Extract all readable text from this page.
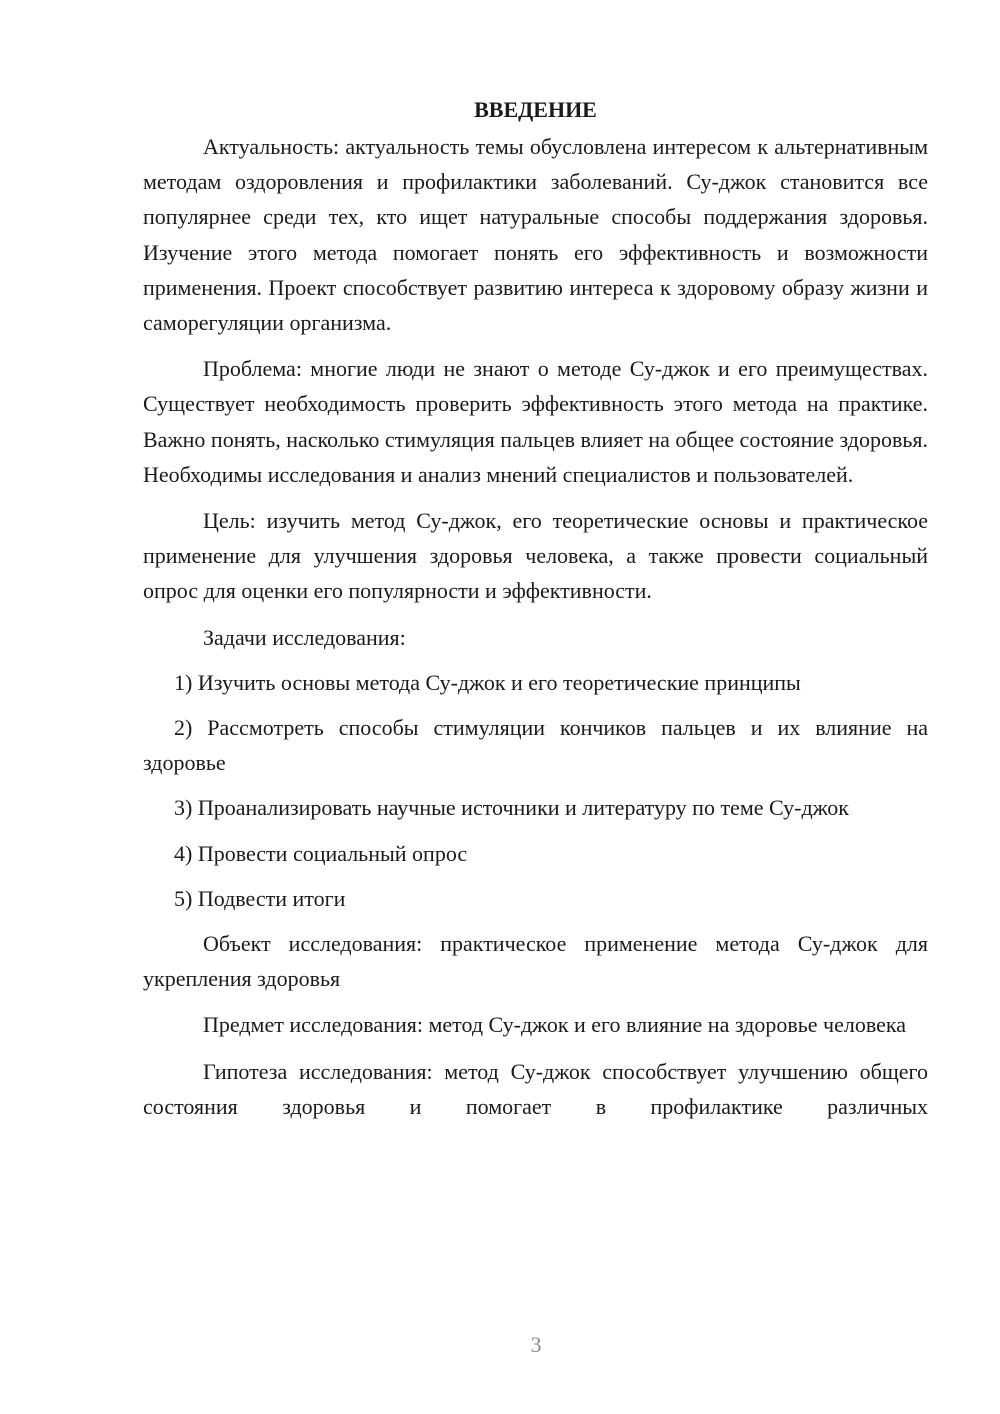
ВВЕДЕНИЕ

Актуальность: актуальность темы обусловлена интересом к альтернативным методам оздоровления и профилактики заболеваний. Су-джок становится все популярнее среди тех, кто ищет натуральные способы поддержания здоровья. Изучение этого метода помогает понять его эффективность и возможности применения. Проект способствует развитию интереса к здоровому образу жизни и саморегуляции организма.

Проблема: многие люди не знают о методе Су-джок и его преимуществах. Существует необходимость проверить эффективность этого метода на практике. Важно понять, насколько стимуляция пальцев влияет на общее состояние здоровья. Необходимы исследования и анализ мнений специалистов и пользователей.

Цель: изучить метод Су-джок, его теоретические основы и практическое применение для улучшения здоровья человека, а также провести социальный опрос для оценки его популярности и эффективности.

Задачи исследования:

1) Изучить основы метода Су-джок и его теоретические принципы

2) Рассмотреть способы стимуляции кончиков пальцев и их влияние на здоровье

3) Проанализировать научные источники и литературу по теме Су-джок

4) Провести социальный опрос

5) Подвести итоги

Объект исследования: практическое применение метода Су-джок для укрепления здоровья

Предмет исследования: метод Су-джок и его влияние на здоровье человека

Гипотеза исследования: метод Су-джок способствует улучшению общего состояния здоровья и помогает в профилактике различных

3
